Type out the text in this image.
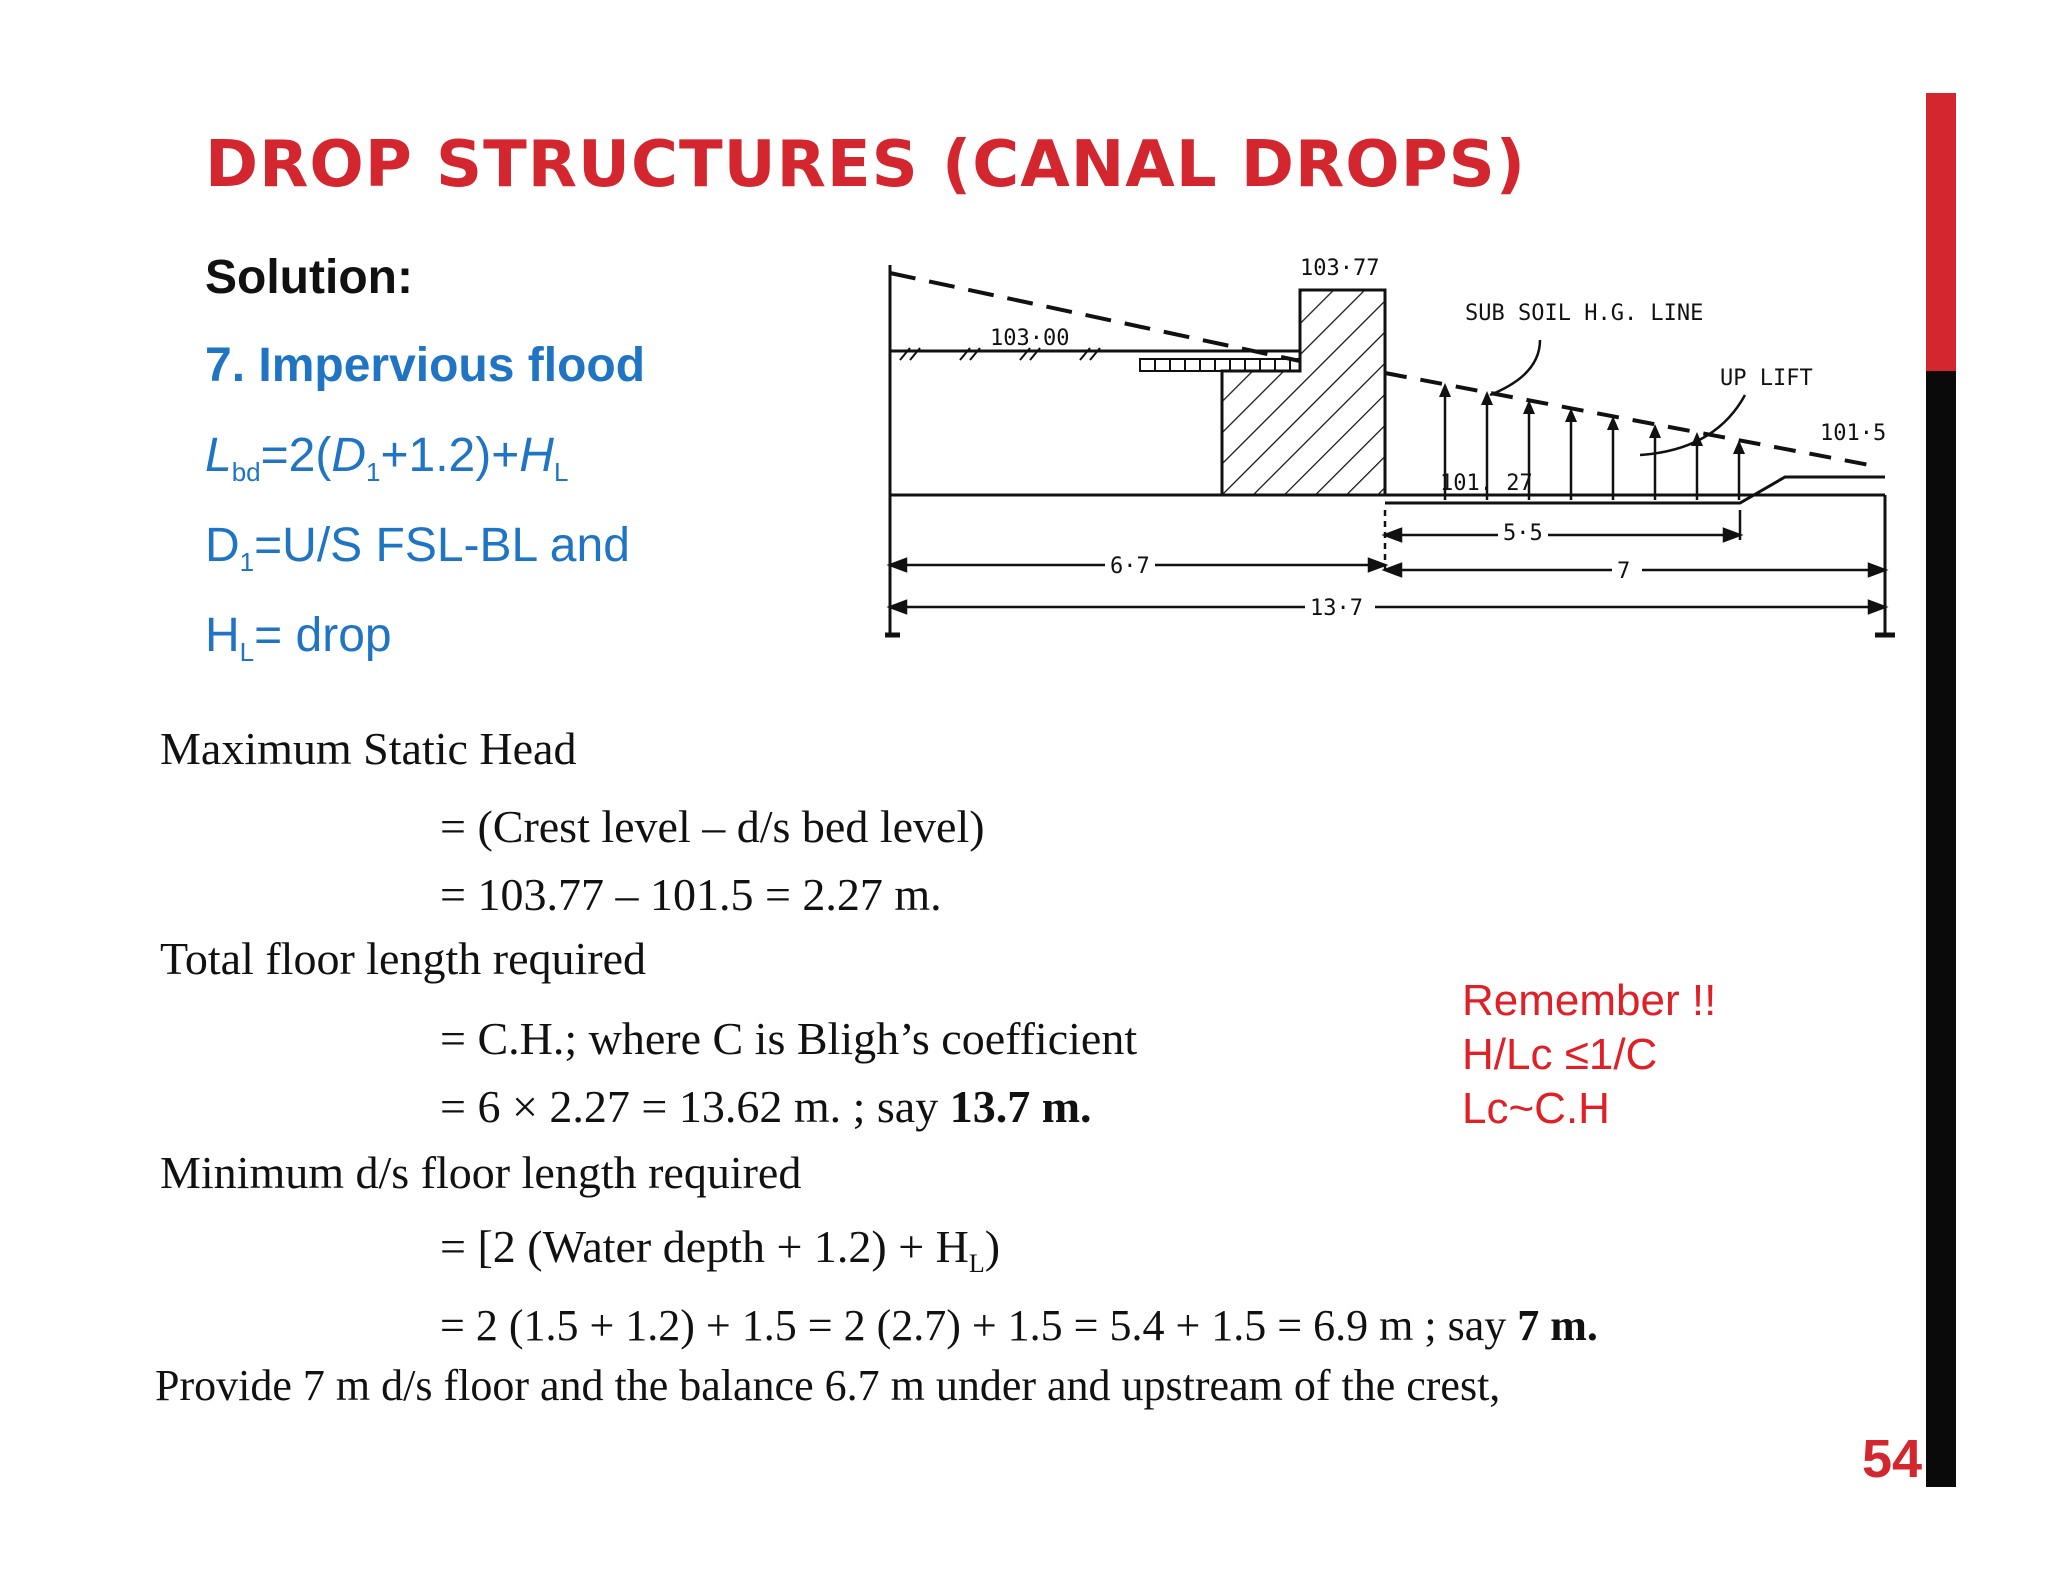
DROP STRUCTURES (CANAL DROPS)
Solution:
7. Impervious flood
$L_{bd}=2(D_1+1.2)+H_L$
$D_1=U/S$ FSL-BL and
$H_L=$ drop
103·77
103·00
SUB SOIL H.G. LINE
UP LIFT
101·5
101. 27
5·5
6·7	7
13·7
Maximum Static Head
= (Crest level – d/s bed level)
= 103.77 – 101.5 = 2.27 m.
Total floor length required
= C.H.; where C is Bligh’s coefficient
= 6 × 2.27 = 13.62 m. ; say 13.7 m.
Minimum d/s floor length required
= [2 (Water depth + $1.2) + H_L$)
= 2 (1.5 + 1.2) + 1.5 = 2 (2.7) + 1.5 = 5.4 + 1.5 = 6.9 m ; say 7 m.
Provide 7 m d/s floor and the balance 6.7 m under and upstream of the crest,
Remember !!
H/Lc ≤1/C
Lc~C.H
54
